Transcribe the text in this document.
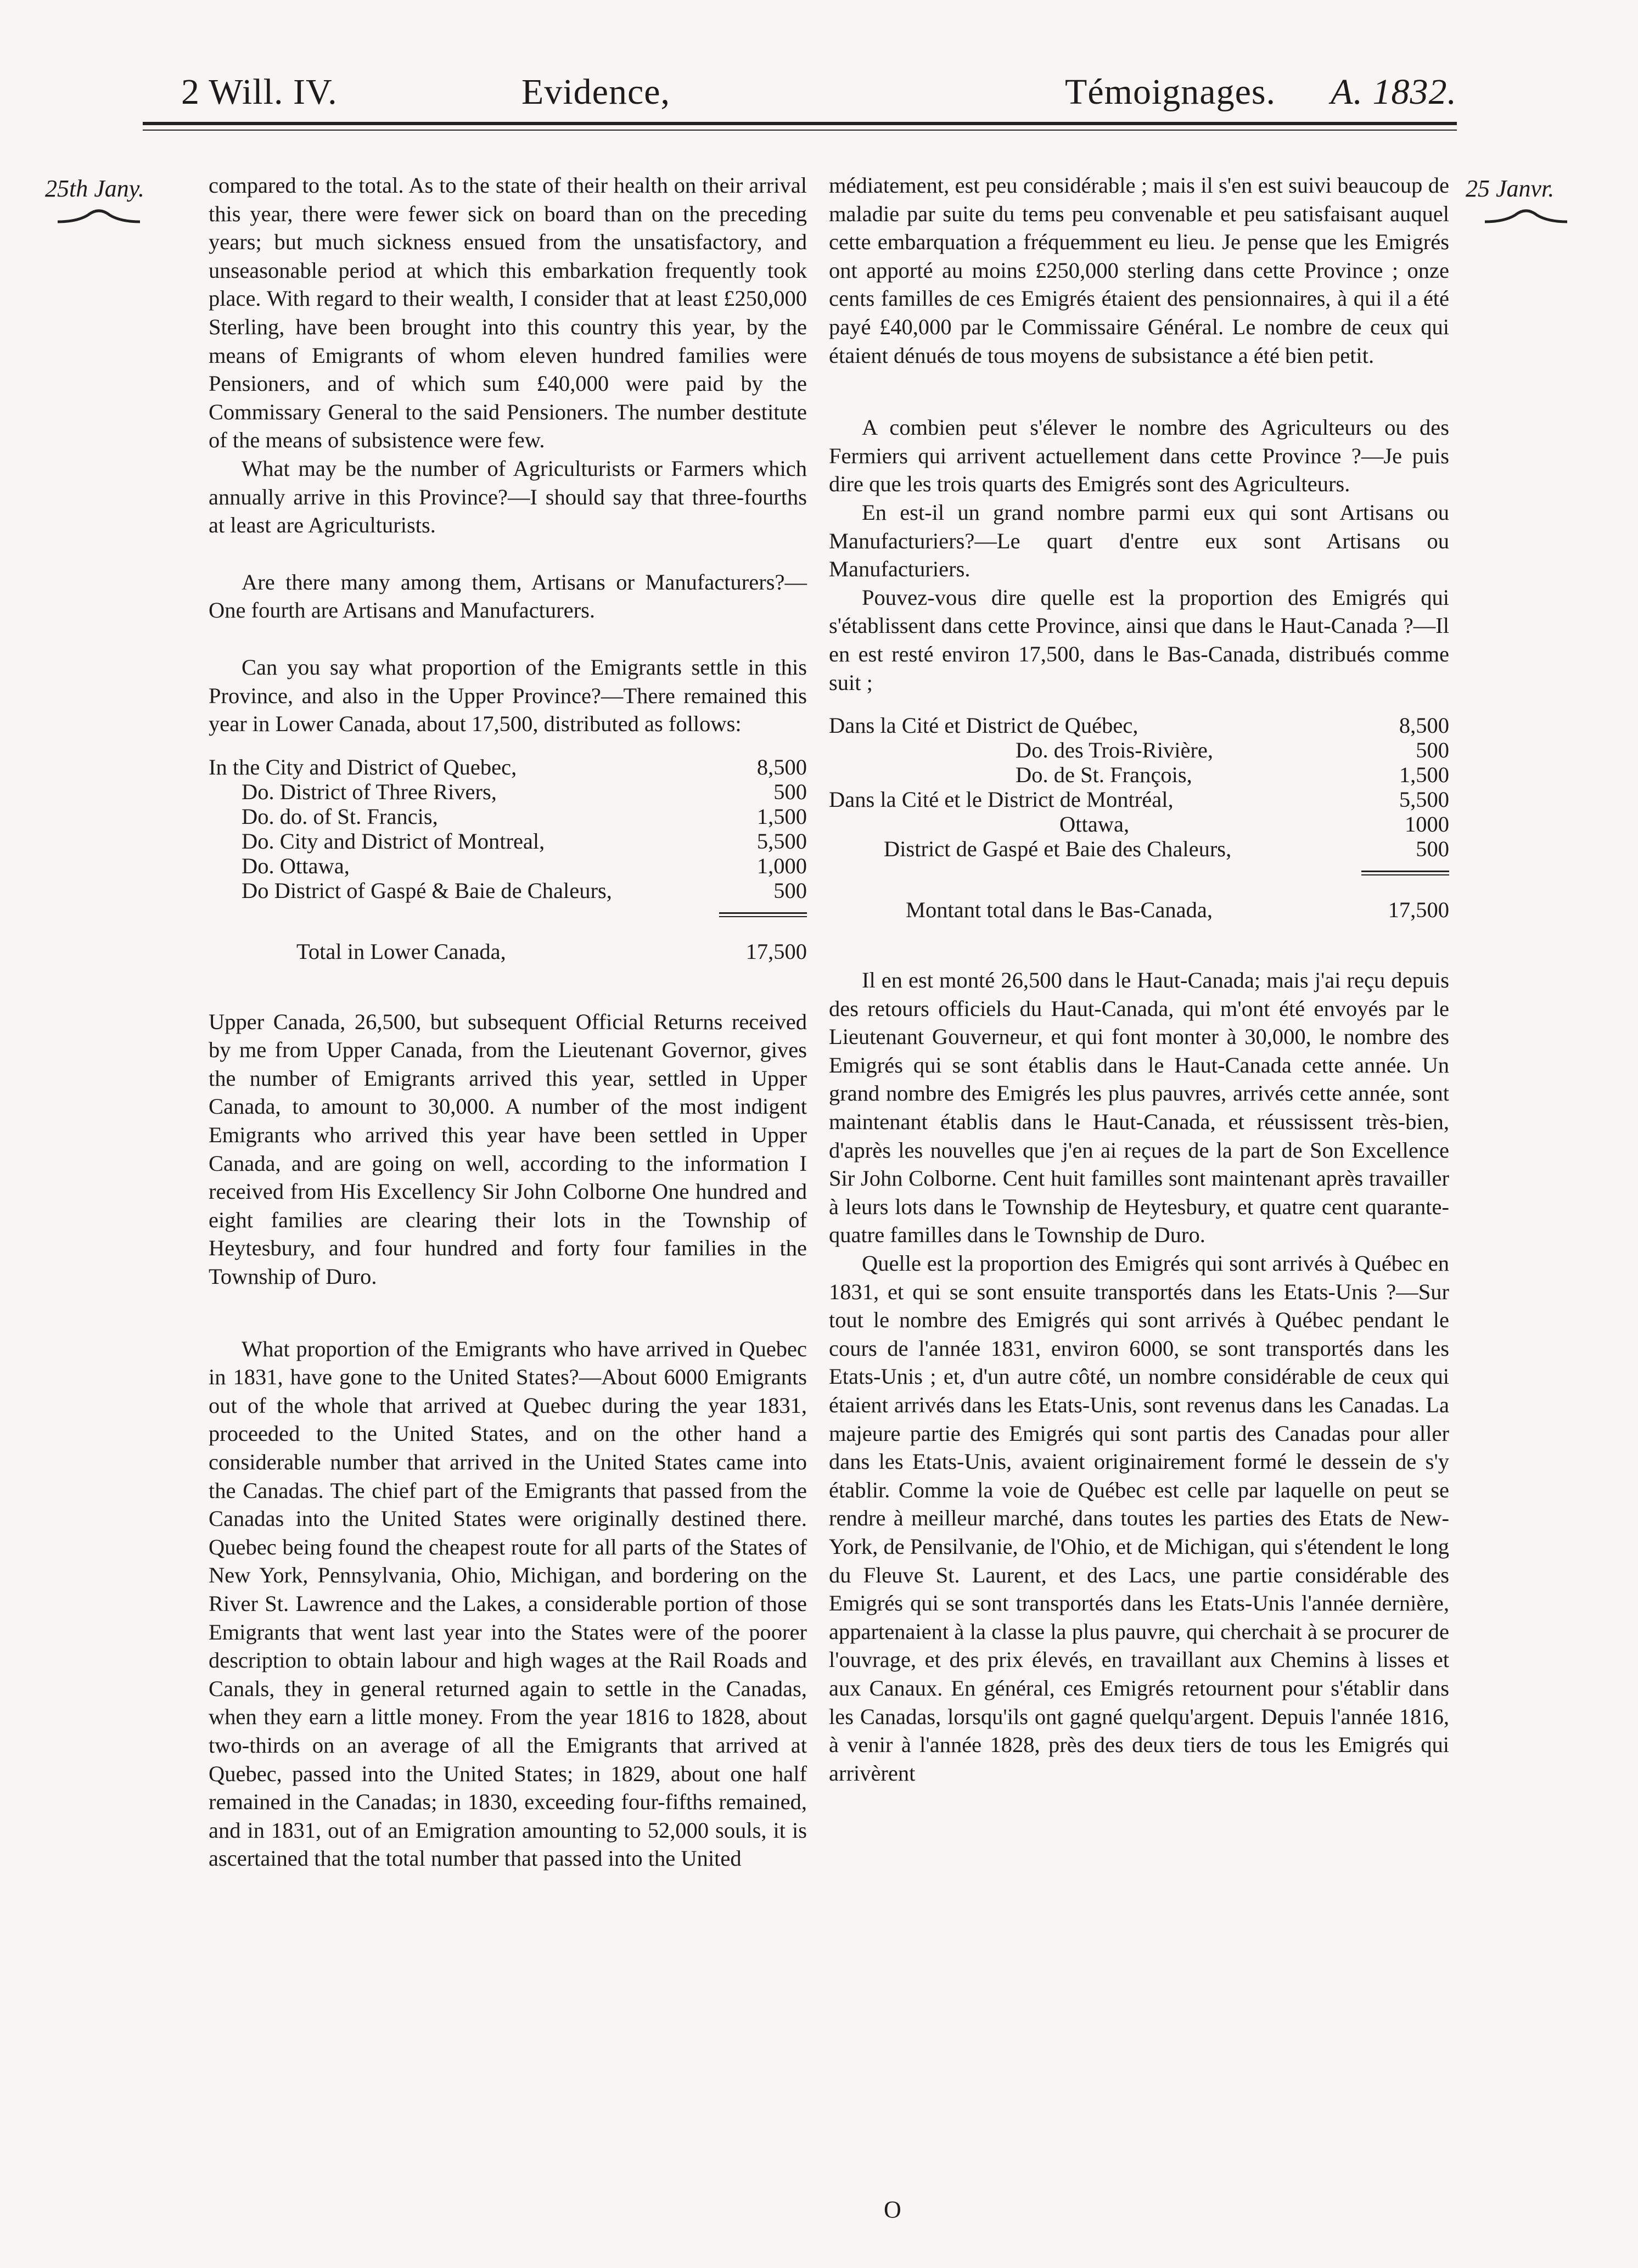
2 Will. IV.	Evidence,	Témoignages. A. 1832.
25th Jany.	25 Janvr.

compared to the total. As to the state of their health on their arrival this year, there were fewer sick on board than on the preceding years; but much sickness ensued from the unsatisfactory, and unseasonable period at which this embarkation frequently took place. With regard to their wealth, I consider that at least £250,000 Sterling, have been brought into this country this year, by the means of Emigrants of whom eleven hundred families were Pensioners, and of which sum £40,000 were paid by the Commissary General to the said Pensioners. The number destitute of the means of subsistence were few.

What may be the number of Agriculturists or Farmers which annually arrive in this Province?—I should say that three-fourths at least are Agriculturists.

Are there many among them, Artisans or Manufacturers?—One fourth are Artisans and Manufacturers.

Can you say what proportion of the Emigrants settle in this Province, and also in the Upper Province?—There remained this year in Lower Canada, about 17,500, distributed as follows:

In the City and District of Quebec,	8,500
Do. District of Three Rivers,	500
Do. do. of St. Francis,	1,500
Do. City and District of Montreal,	5,500
Do. Ottawa,	1,000
Do District of Gaspé & Baie de Chaleurs,	500

Total in Lower Canada,	17,500

Upper Canada, 26,500, but subsequent Official Returns received by me from Upper Canada, from the Lieutenant Governor, gives the number of Emigrants arrived this year, settled in Upper Canada, to amount to 30,000. A number of the most indigent Emigrants who arrived this year have been settled in Upper Canada, and are going on well, according to the information I received from His Excellency Sir John Colborne One hundred and eight families are clearing their lots in the Township of Heytesbury, and four hundred and forty four families in the Township of Duro.

What proportion of the Emigrants who have arrived in Quebec in 1831, have gone to the United States?—About 6000 Emigrants out of the whole that arrived at Quebec during the year 1831, proceeded to the United States, and on the other hand a considerable number that arrived in the United States came into the Canadas. The chief part of the Emigrants that passed from the Canadas into the United States were originally destined there. Quebec being found the cheapest route for all parts of the States of New York, Pennsylvania, Ohio, Michigan, and bordering on the River St. Lawrence and the Lakes, a considerable portion of those Emigrants that went last year into the States were of the poorer description to obtain labour and high wages at the Rail Roads and Canals, they in general returned again to settle in the Canadas, when they earn a little money. From the year 1816 to 1828, about two-thirds on an average of all the Emigrants that arrived at Quebec, passed into the United States; in 1829, about one half remained in the Canadas; in 1830, exceeding four-fifths remained, and in 1831, out of an Emigration amounting to 52,000 souls, it is ascertained that the total number that passed into the United

médiatement, est peu considérable ; mais il s'en est suivi beaucoup de maladie par suite du tems peu convenable et peu satisfaisant auquel cette embarquation a fréquemment eu lieu. Je pense que les Emigrés ont apporté au moins £250,000 sterling dans cette Province ; onze cents familles de ces Emigrés étaient des pensionnaires, à qui il a été payé £40,000 par le Commissaire Général. Le nombre de ceux qui étaient dénués de tous moyens de subsistance a été bien petit.

A combien peut s'élever le nombre des Agriculteurs ou des Fermiers qui arrivent actuellement dans cette Province ?—Je puis dire que les trois quarts des Emigrés sont des Agriculteurs.

En est-il un grand nombre parmi eux qui sont Artisans ou Manufacturiers?—Le quart d'entre eux sont Artisans ou Manufacturiers.

Pouvez-vous dire quelle est la proportion des Emigrés qui s'établissent dans cette Province, ainsi que dans le Haut-Canada ?—Il en est resté environ 17,500, dans le Bas-Canada, distribués comme suit ;

Dans la Cité et District de Québec,	8,500
Do. des Trois-Rivière,	500
Do. de St. François,	1,500
Dans la Cité et le District de Montréal,	5,500
Ottawa,	1000
District de Gaspé et Baie des Chaleurs,	500

Montant total dans le Bas-Canada,	17,500

Il en est monté 26,500 dans le Haut-Canada; mais j'ai reçu depuis des retours officiels du Haut-Canada, qui m'ont été envoyés par le Lieutenant Gouverneur, et qui font monter à 30,000, le nombre des Emigrés qui se sont établis dans le Haut-Canada cette année. Un grand nombre des Emigrés les plus pauvres, arrivés cette année, sont maintenant établis dans le Haut-Canada, et réussissent très-bien, d'après les nouvelles que j'en ai reçues de la part de Son Excellence Sir John Colborne. Cent huit familles sont maintenant après travailler à leurs lots dans le Township de Heytesbury, et quatre cent quarante-quatre familles dans le Township de Duro.

Quelle est la proportion des Emigrés qui sont arrivés à Québec en 1831, et qui se sont ensuite transportés dans les Etats-Unis ?—Sur tout le nombre des Emigrés qui sont arrivés à Québec pendant le cours de l'année 1831, environ 6000, se sont transportés dans les Etats-Unis ; et, d'un autre côté, un nombre considérable de ceux qui étaient arrivés dans les Etats-Unis, sont revenus dans les Canadas. La majeure partie des Emigrés qui sont partis des Canadas pour aller dans les Etats-Unis, avaient originairement formé le dessein de s'y établir. Comme la voie de Québec est celle par laquelle on peut se rendre à meilleur marché, dans toutes les parties des Etats de New-York, de Pensilvanie, de l'Ohio, et de Michigan, qui s'étendent le long du Fleuve St. Laurent, et des Lacs, une partie considérable des Emigrés qui se sont transportés dans les Etats-Unis l'année dernière, appartenaient à la classe la plus pauvre, qui cherchait à se procurer de l'ouvrage, et des prix élevés, en travaillant aux Chemins à lisses et aux Canaux. En général, ces Emigrés retournent pour s'établir dans les Canadas, lorsqu'ils ont gagné quelqu'argent. Depuis l'année 1816, à venir à l'année 1828, près des deux tiers de tous les Emigrés qui arrivèrent

O
